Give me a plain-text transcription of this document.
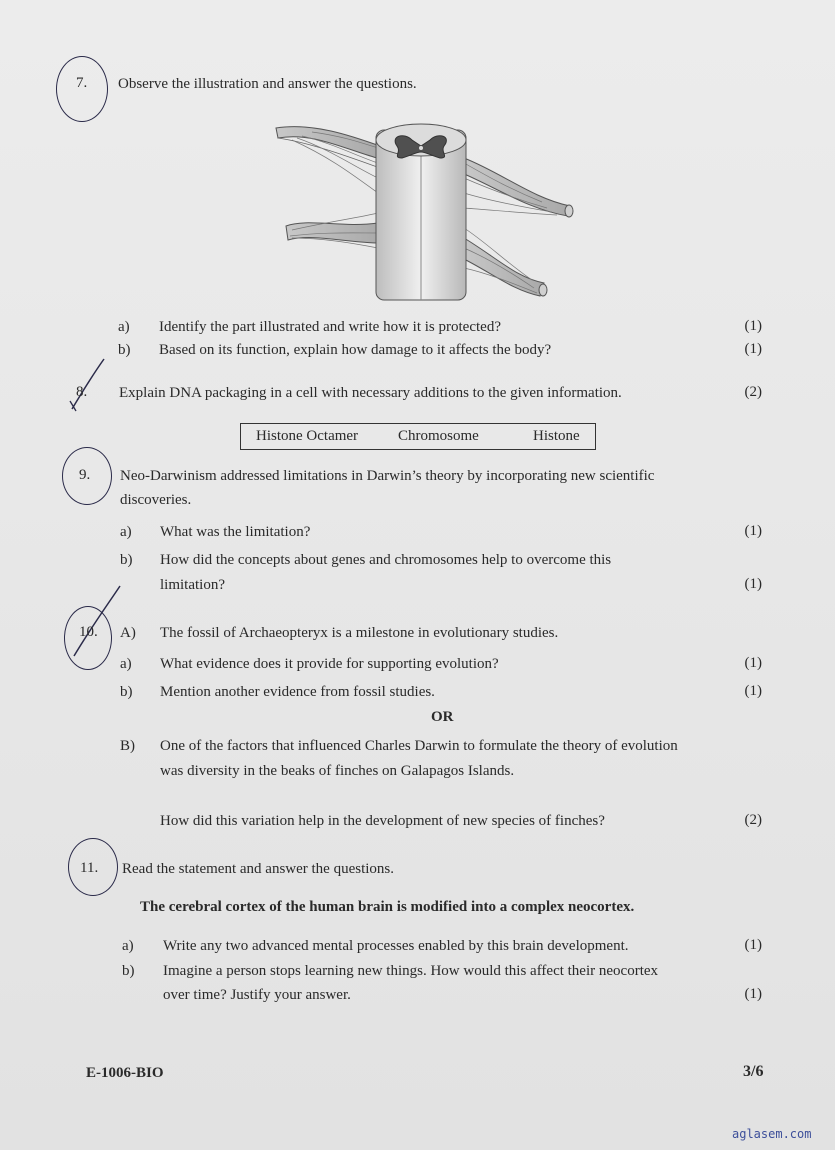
7. Observe the illustration and answer the questions.
a) Identify the part illustrated and write how it is protected?	(1)
b) Based on its function, explain how damage to it affects the body?	(1)
8. Explain DNA packaging in a cell with necessary additions to the given information.	(2)
Histone Octamer	Chromosome	Histone
9. Neo-Darwinism addressed limitations in Darwin’s theory by incorporating new scientific
discoveries.
a) What was the limitation?	(1)
b) How did the concepts about genes and chromosomes help to overcome this
limitation?	(1)
10. A) The fossil of Archaeopteryx is a milestone in evolutionary studies.
a) What evidence does it provide for supporting evolution?	(1)
b) Mention another evidence from fossil studies.	(1)
OR
B) One of the factors that influenced Charles Darwin to formulate the theory of evolution
was diversity in the beaks of finches on Galapagos Islands.
How did this variation help in the development of new species of finches?	(2)
11. Read the statement and answer the questions.
The cerebral cortex of the human brain is modified into a complex neocortex.
a) Write any two advanced mental processes enabled by this brain development.	(1)
b) Imagine a person stops learning new things. How would this affect their neocortex
over time? Justify your answer.	(1)
E-1006-BIO	3/6
aglasem.com
